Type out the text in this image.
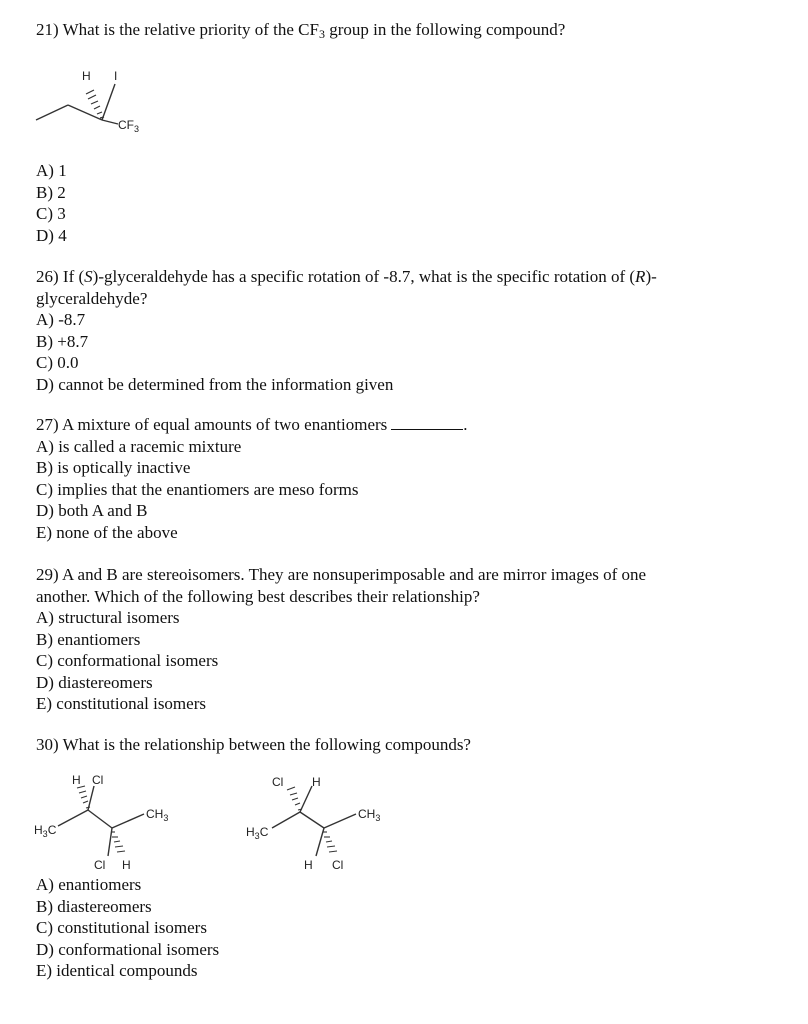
21) What is the relative priority of the $CF_3$ group in the following compound?
H I
$CF_3$
A) 1
B) 2
C) 3
D) 4
26) If (S)-glyceraldehyde has a specific rotation of -8.7, what is the specific rotation of (R)-
glyceraldehyde?
A) -8.7
B) +8.7
C) 0.0
D) cannot be determined from the information given
27) A mixture of equal amounts of two enantiomers	.
A) is called a racemic mixture
B) is optically inactive
C) implies that the enantiomers are meso forms
D) both A and B
E) none of the above
29) A and B are stereoisomers. They are nonsuperimposable and are mirror images of one
another. Which of the following best describes their relationship?
A) structural isomers
B) enantiomers
C) conformational isomers
D) diastereomers
E) constitutional isomers
30) What is the relationship between the following compounds?
H Cl
$CH_3$
$H_3C$
Cl H
Cl H
$CH_3$
$H_3C$
H Cl
A) enantiomers
B) diastereomers
C) constitutional isomers
D) conformational isomers
E) identical compounds
